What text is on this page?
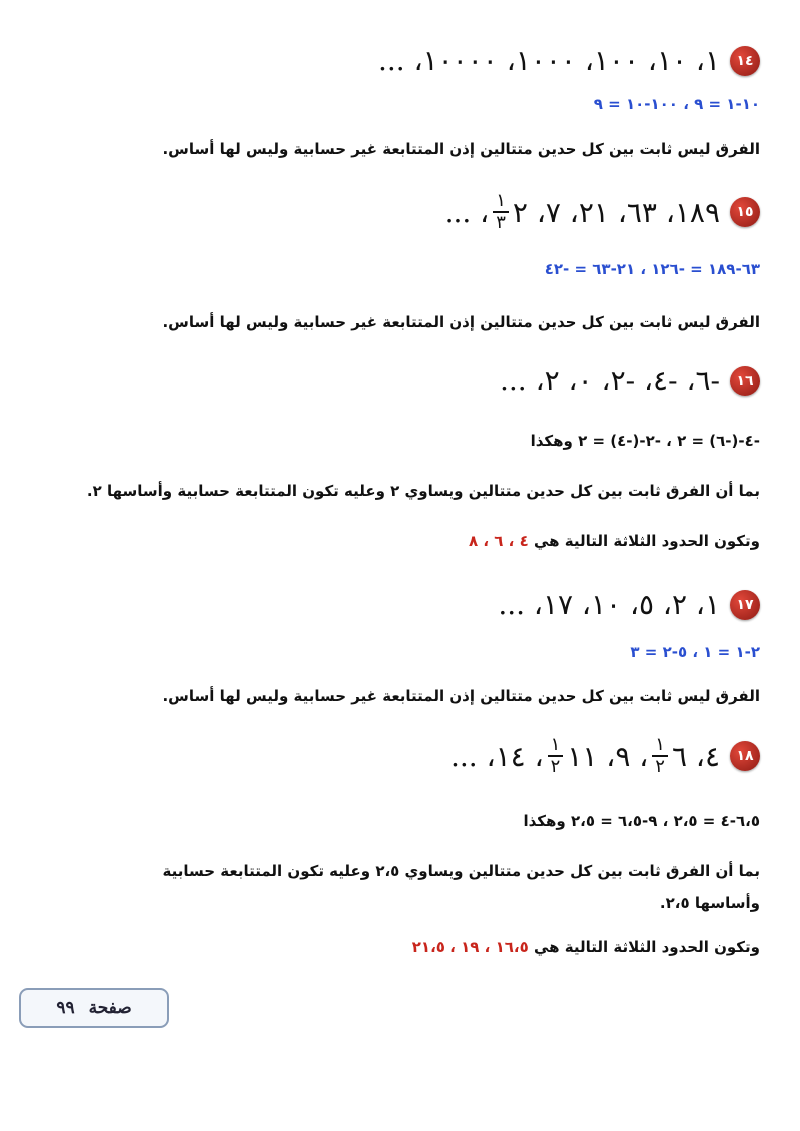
١٤
١، ١٠، ١٠٠، ١٠٠٠، ١٠٠٠٠، ...
١٠-١ = ٩ ، ١٠٠-١٠ = ٩
الفرق ليس ثابت بين كل حدين متتالين إذن المتتابعة غير حسابية وليس لها أساس.
١٥
١٨٩، ٦٣، ٢١، ٧، ٢
$\frac{١}{٣}$
، ...
٦٣-١٨٩ = -١٢٦ ، ٢١-٦٣ = -٤٢
الفرق ليس ثابت بين كل حدين متتالين إذن المتتابعة غير حسابية وليس لها أساس.
١٦
-٦، -٤، -٢، ٠، ٢، ...
-٤-(-٦) = ٢ ، -٢-(-٤) = ٢ وهكذا
بما أن الفرق ثابت بين كل حدين متتالين ويساوي ٢ وعليه تكون المتتابعة حسابية وأساسها ٢.
وتكون الحدود الثلاثة التالية هي ٤ ، ٦ ، ٨
١٧
١، ٢، ٥، ١٠، ١٧، ...
٢-١ = ١ ، ٥-٢ = ٣
الفرق ليس ثابت بين كل حدين متتالين إذن المتتابعة غير حسابية وليس لها أساس.
١٨
٤، ٦
$\frac{١}{٢}$
، ٩، ١١
$\frac{١}{٢}$
، ١٤، ...
٦،٥-٤ = ٢،٥ ، ٩-٦،٥ = ٢،٥ وهكذا
بما أن الفرق ثابت بين كل حدين متتالين ويساوي ٢،٥ وعليه تكون المتتابعة حسابية
وأساسها ٢،٥.
وتكون الحدود الثلاثة التالية هي ١٦،٥ ، ١٩ ، ٢١،٥
صفحة
٩٩
